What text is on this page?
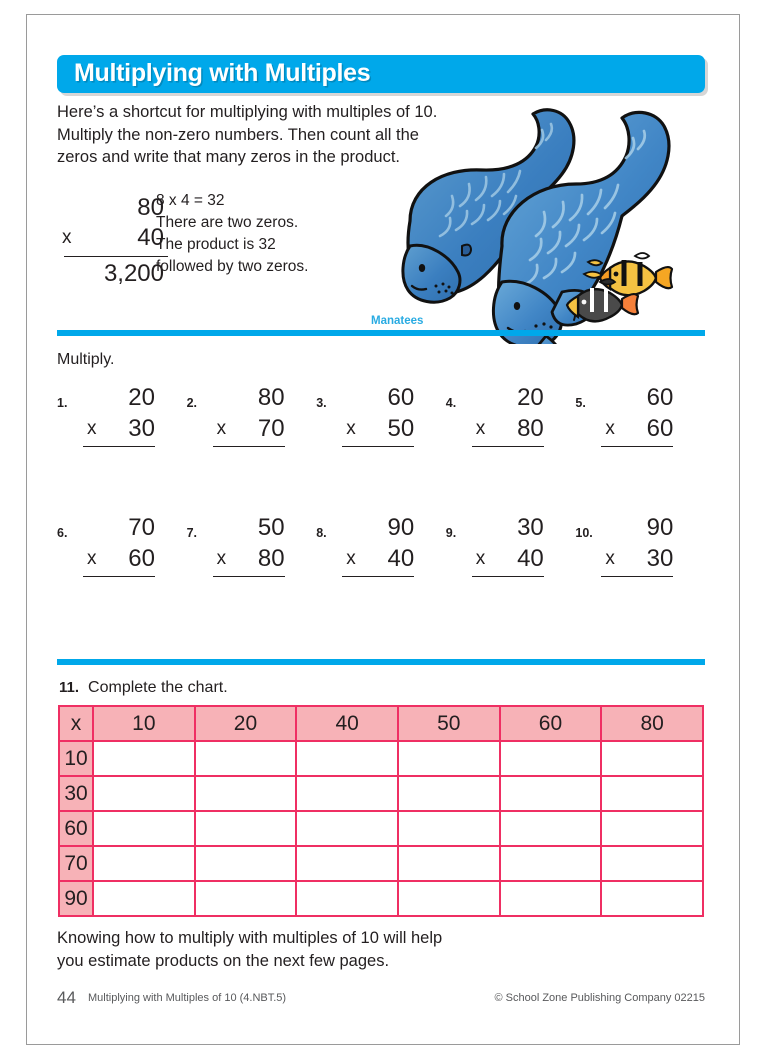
Multiplying with Multiples
Here’s a shortcut for multiplying with multiples of 10.
Multiply the non-zero numbers. Then count all the
zeros and write that many zeros in the product.
Manatees
80
x	40
3,200
8 x 4 = 32
There are two zeros.
The product is 32
followed by two zeros.
Multiply.
1.	20
x 30
2.	80
x 70
3.	60
x 50
4.	20
x 80
5.	60
x 60
6.	70
x 60
7.	50
x 80
8.	90
x 40
9.	30
x 40
10.	90
x 30
11. Complete the chart.
x	10	20	40	50	60	80
10						
30						
60						
70						
90						
Knowing how to multiply with multiples of 10 will help
you estimate products on the next few pages.
44 Multiplying with Multiples of 10 (4.NBT.5)	© School Zone Publishing Company 02215
